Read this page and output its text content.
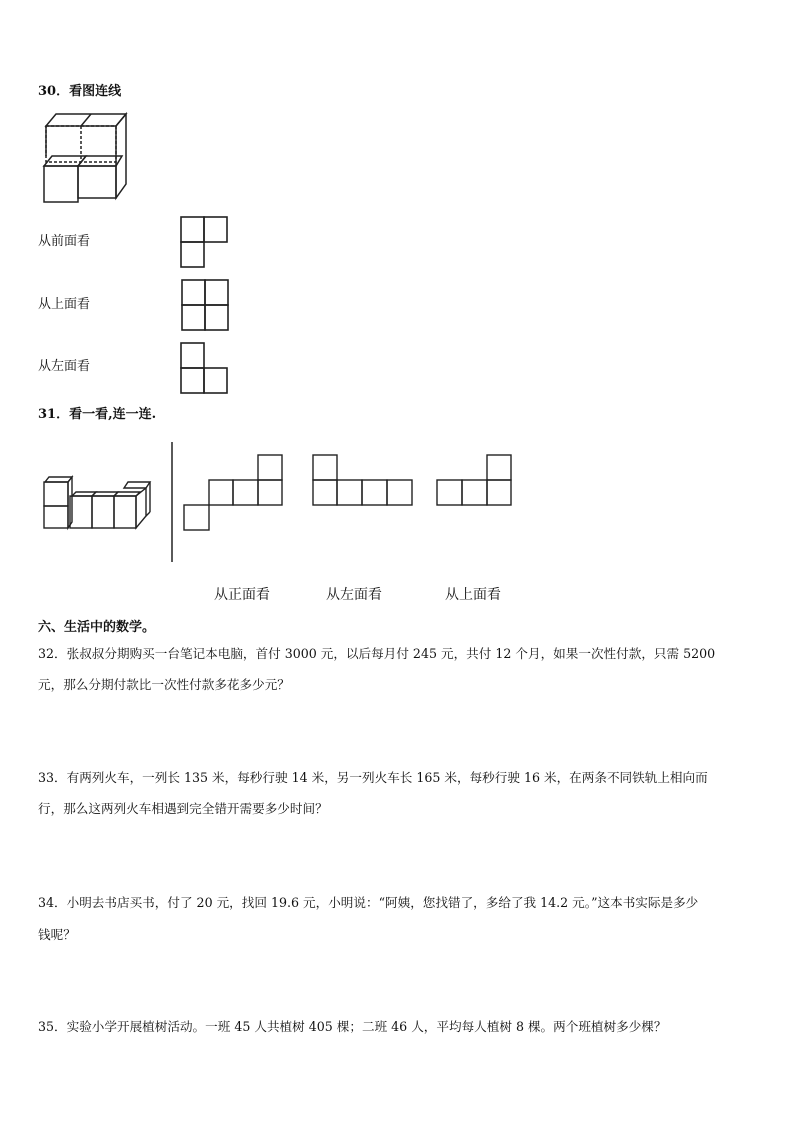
30．看图连线
从前面看
从上面看
从左面看
31．看一看,连一连.
从正面看	从左面看	从上面看
六、生活中的数学。
32．张叔叔分期购买一台笔记本电脑，首付 3000 元，以后每月付 245 元，共付 12 个月，如果一次性付款，只需 5200
元，那么分期付款比一次性付款多花多少元？
33．有两列火车，一列长 135 米，每秒行驶 14 米，另一列火车长 165 米，每秒行驶 16 米，在两条不同铁轨上相向而
行，那么这两列火车相遇到完全错开需要多少时间？
34．小明去书店买书，付了 20 元，找回 19.6 元，小明说：“阿姨，您找错了，多给了我 14.2 元。”这本书实际是多少
钱呢？
35．实验小学开展植树活动。一班 45 人共植树 405 棵；二班 46 人，平均每人植树 8 棵。两个班植树多少棵？
